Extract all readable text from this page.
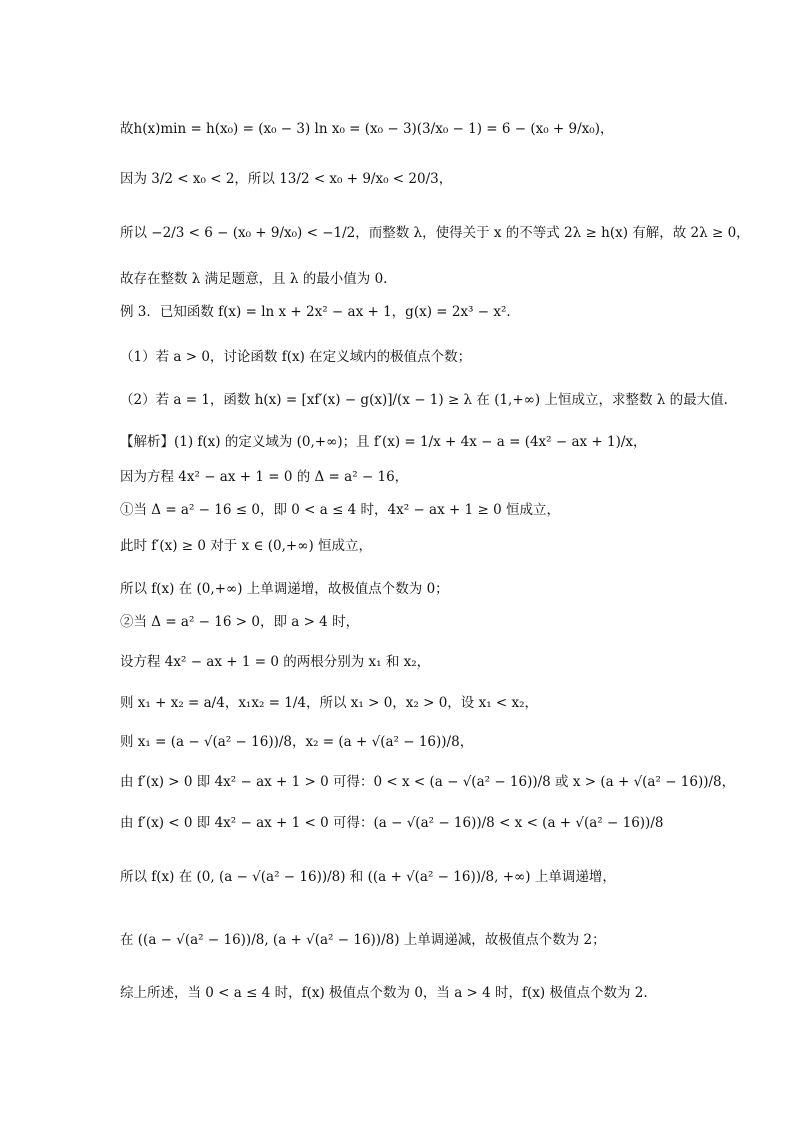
故h(x)min = h(x₀) = (x₀ − 3) ln x₀ = (x₀ − 3)(3/x₀ − 1) = 6 − (x₀ + 9/x₀)，
因为 3/2 < x₀ < 2，所以 13/2 < x₀ + 9/x₀ < 20/3，
所以 −2/3 < 6 − (x₀ + 9/x₀) < −1/2，而整数 λ，使得关于 x 的不等式 2λ ≥ h(x) 有解，故 2λ ≥ 0，
故存在整数 λ 满足题意，且 λ 的最小值为 0.
例 3．已知函数 f(x) = ln x + 2x² − ax + 1，g(x) = 2x³ − x².
（1）若 a > 0，讨论函数 f(x) 在定义域内的极值点个数；
（2）若 a = 1，函数 h(x) = [xf′(x) − g(x)]/(x − 1) ≥ λ 在 (1,+∞) 上恒成立，求整数 λ 的最大值.
【解析】(1) f(x) 的定义域为 (0,+∞)；且 f′(x) = 1/x + 4x − a = (4x² − ax + 1)/x，
因为方程 4x² − ax + 1 = 0 的 Δ = a² − 16，
①当 Δ = a² − 16 ≤ 0，即 0 < a ≤ 4 时，4x² − ax + 1 ≥ 0 恒成立，
此时 f′(x) ≥ 0 对于 x ∈ (0,+∞) 恒成立，
所以 f(x) 在 (0,+∞) 上单调递增，故极值点个数为 0；
②当 Δ = a² − 16 > 0，即 a > 4 时，
设方程 4x² − ax + 1 = 0 的两根分别为 x₁ 和 x₂，
则 x₁ + x₂ = a/4，x₁x₂ = 1/4，所以 x₁ > 0，x₂ > 0，设 x₁ < x₂，
则 x₁ = (a − √(a² − 16))/8，x₂ = (a + √(a² − 16))/8，
由 f′(x) > 0 即 4x² − ax + 1 > 0 可得：0 < x < (a − √(a² − 16))/8 或 x > (a + √(a² − 16))/8，
由 f′(x) < 0 即 4x² − ax + 1 < 0 可得：(a − √(a² − 16))/8 < x < (a + √(a² − 16))/8
所以 f(x) 在 (0, (a − √(a² − 16))/8) 和 ((a + √(a² − 16))/8, +∞) 上单调递增，
在 ((a − √(a² − 16))/8, (a + √(a² − 16))/8) 上单调递减，故极值点个数为 2；
综上所述，当 0 < a ≤ 4 时，f(x) 极值点个数为 0，当 a > 4 时，f(x) 极值点个数为 2.
